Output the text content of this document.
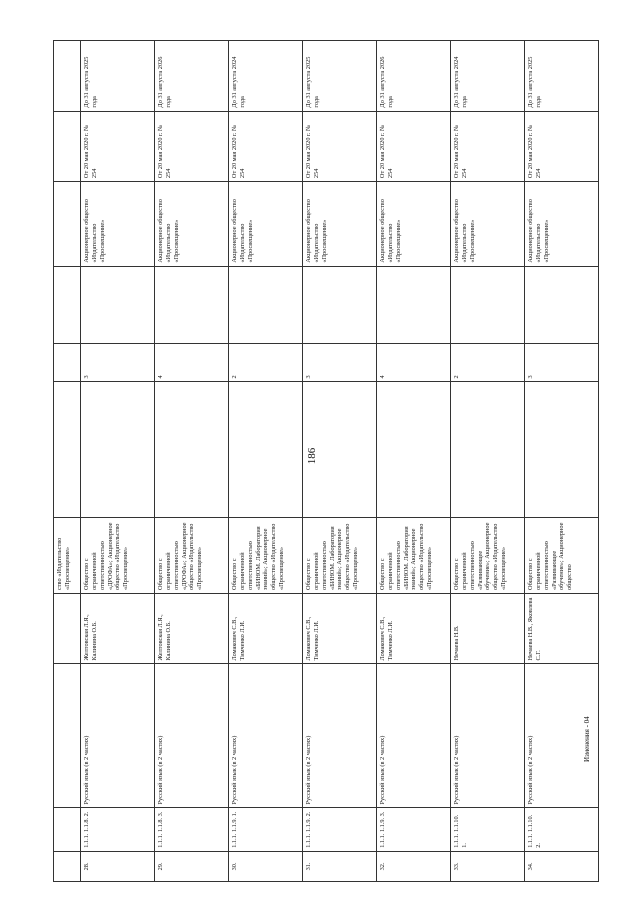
186
Изменения - 04
				ство «Издательство «Просвещение»						
28.	1.1.1. 1.1.8. 2.	Русский язык (в 2 частях)	Желтовская Л.Я., Калинина О.Б.	Общество с ограниченной ответственностью «ДРОФА»; Акционерное общество «Издательство «Просвещение»		3		Акционерное общество «Издательство «Просвещение»	От 20 мая 2020 г. № 254	До 31 августа 2025 года
29.	1.1.1. 1.1.8. 3.	Русский язык (в 2 частях)	Желтовская Л.Я., Калинина О.Б.	Общество с ограниченной ответственностью «ДРОФА»; Акционерное общество «Издательство «Просвещение»		4		Акционерное общество «Издательство «Просвещение»	От 20 мая 2020 г. № 254	До 31 августа 2026 года
30.	1.1.1. 1.1.9. 1.	Русский язык (в 2 частях)	Ломакович С.В., Тимченко Л.И.	Общество с ограниченной ответственностью «БИНОМ. Лаборатория знаний»; Акционерное общество «Издательство «Просвещение»		2		Акционерное общество «Издательство «Просвещение»	От 20 мая 2020 г. № 254	До 31 августа 2024 года
31.	1.1.1. 1.1.9. 2.	Русский язык (в 2 частях)	Ломакович С.В., Тимченко Л.И.	Общество с ограниченной ответственностью «БИНОМ. Лаборатория знаний»; Акционерное общество «Издательство «Просвещение»		3		Акционерное общество «Издательство «Просвещение»	От 20 мая 2020 г. № 254	До 31 августа 2025 года
32.	1.1.1. 1.1.9. 3.	Русский язык (в 2 частях)	Ломакович С.В., Тимченко Л.И.	Общество с ограниченной ответственностью «БИНОМ. Лаборатория знаний»; Акционерное общество «Издательство «Просвещение»		4		Акционерное общество «Издательство «Просвещение»	От 20 мая 2020 г. № 254	До 31 августа 2026 года
33.	1.1.1. 1.1.10. 1.	Русский язык (в 2 частях)	Нечаева Н.В.	Общество с ограниченной ответственностью «Развивающее обучение»; Акционерное общество «Издательство «Просвещение»		2		Акционерное общество «Издательство «Просвещение»	От 20 мая 2020 г. № 254	До 31 августа 2024 года
34.	1.1.1. 1.1.10. 2.	Русский язык (в 2 частях)	Нечаева Н.В., Яковлева С.Г.	Общество с ограниченной ответственностью «Развивающее обучение»; Акционерное общество		3		Акционерное общество «Издательство «Просвещение»	От 20 мая 2020 г. № 254	До 31 августа 2025 года
